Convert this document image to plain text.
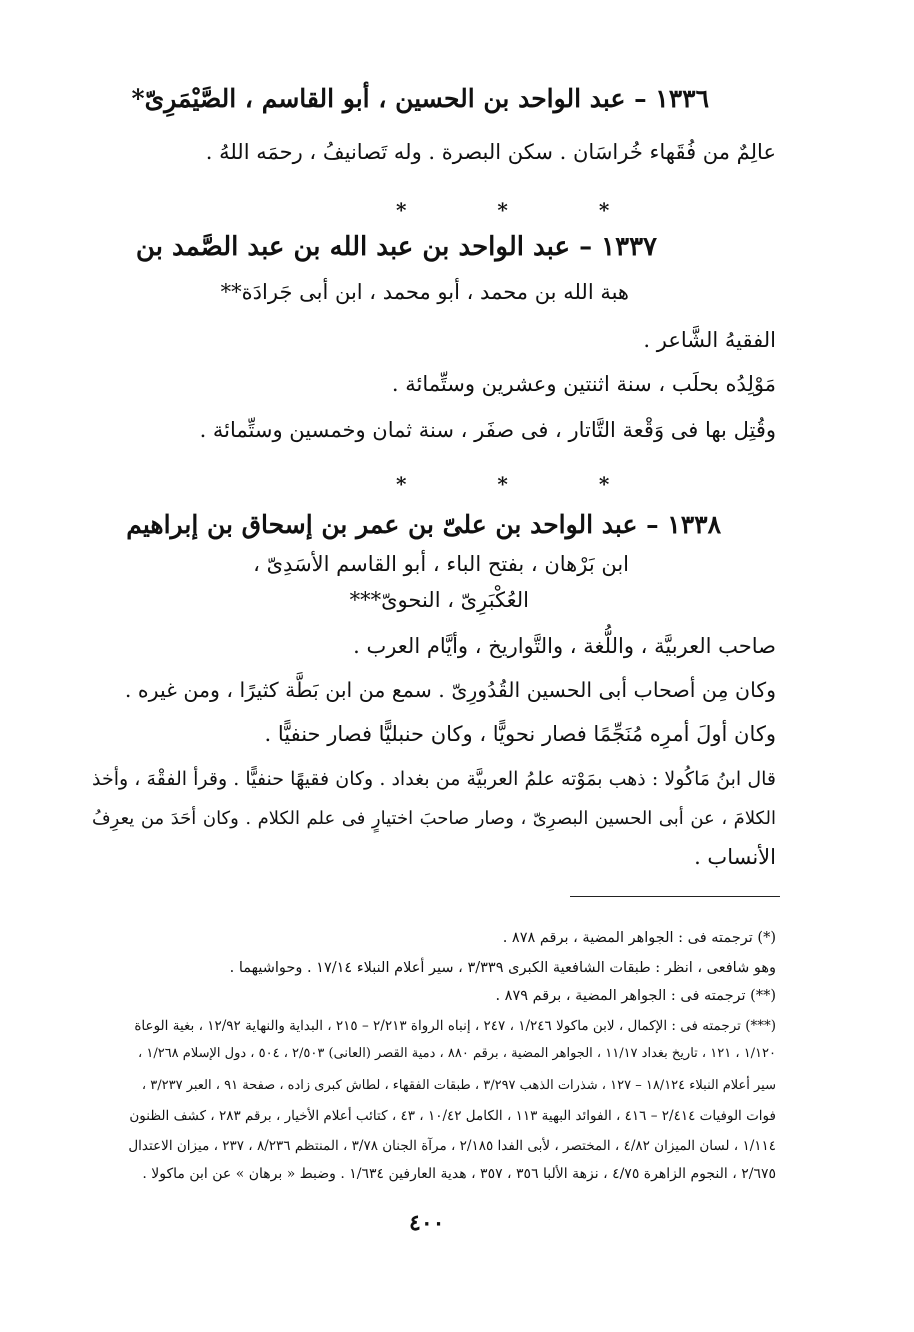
١٣٣٦ – عبد الواحد بن الحسين ، أبو القاسم ، الصَّيْمَرِىّ*

عالِمٌ من فُقَهاء خُراسَان . سكن البصرة . وله تَصانيفُ ، رحمَه اللهُ .

* * *

١٣٣٧ – عبد الواحد بن عبد الله بن عبد الصَّمد بن

هبة الله بن محمد ، أبو محمد ، ابن أبى جَرادَة**

الفقيهُ الشَّاعر .

مَوْلِدُه بحلَب ، سنة اثنتين وعشرين وستِّمائة .

وقُتِل بها فى وَقْعة التَّاتار ، فى صفَر ، سنة ثمان وخمسين وستِّمائة .

* * *

١٣٣٨ – عبد الواحد بن علىّ بن عمر بن إسحاق بن إبراهيم

ابن بَرْهان ، بفتح الباء ، أبو القاسم الأسَدِىّ ،

العُكْبَرِىّ ، النحوىّ***

صاحب العربيَّة ، واللُّغة ، والتَّواريخ ، وأيَّام العرب .

وكان مِن أصحاب أبى الحسين القُدُورِىّ . سمع من ابن بَطَّة كثيرًا ، ومن غيره .

وكان أولَ أمرِه مُنَجِّمًا فصار نحويًّا ، وكان حنبليًّا فصار حنفيًّا .

قال ابنُ مَاكُولا : ذهب بمَوْته علمُ العربيَّة من بغداد . وكان فقيهًا حنفيًّا . وقرأ الفقْهَ ، وأخذ
الكلامَ ، عن أبى الحسين البصرِىّ ، وصار صاحبَ اختيارٍ فى علم الكلام . وكان أحَدَ من يعرِفُ
الأنساب .

(*) ترجمته فى : الجواهر المضية ، برقم ٨٧٨ .

وهو شافعى ، انظر : طبقات الشافعية الكبرى ٣/٣٣٩ ، سير أعلام النبلاء ١٧/١٤ . وحواشيهما .

(**) ترجمته فى : الجواهر المضية ، برقم ٨٧٩ .

(***) ترجمته فى : الإكمال ، لابن ماكولا ١/٢٤٦ ، ٢٤٧ ، إنباه الرواة ٢/٢١٣ – ٢١٥ ، البداية والنهاية ١٢/٩٢ ، بغية الوعاة

١/١٢٠ ، ١٢١ ، تاريخ بغداد ١١/١٧ ، الجواهر المضية ، برقم ٨٨٠ ، دمية القصر (العانى) ٢/٥٠٣ ، ٥٠٤ ، دول الإسلام ١/٢٦٨ ،

سير أعلام النبلاء ١٨/١٢٤ – ١٢٧ ، شذرات الذهب ٣/٢٩٧ ، طبقات الفقهاء ، لطاش كبرى زاده ، صفحة ٩١ ، العبر ٣/٢٣٧ ،

فوات الوفيات ٢/٤١٤ – ٤١٦ ، الفوائد البهية ١١٣ ، الكامل ١٠/٤٢ ، ٤٣ ، كتائب أعلام الأخيار ، برقم ٢٨٣ ، كشف الظنون

١/١١٤ ، لسان الميزان ٤/٨٢ ، المختصر ، لأبى الفدا ٢/١٨٥ ، مرآة الجنان ٣/٧٨ ، المنتظم ٨/٢٣٦ ، ٢٣٧ ، ميزان الاعتدال

٢/٦٧٥ ، النجوم الزاهرة ٤/٧٥ ، نزهة الألبا ٣٥٦ ، ٣٥٧ ، هدية العارفين ١/٦٣٤ . وضبط « برهان » عن ابن ماكولا .

٤٠٠
